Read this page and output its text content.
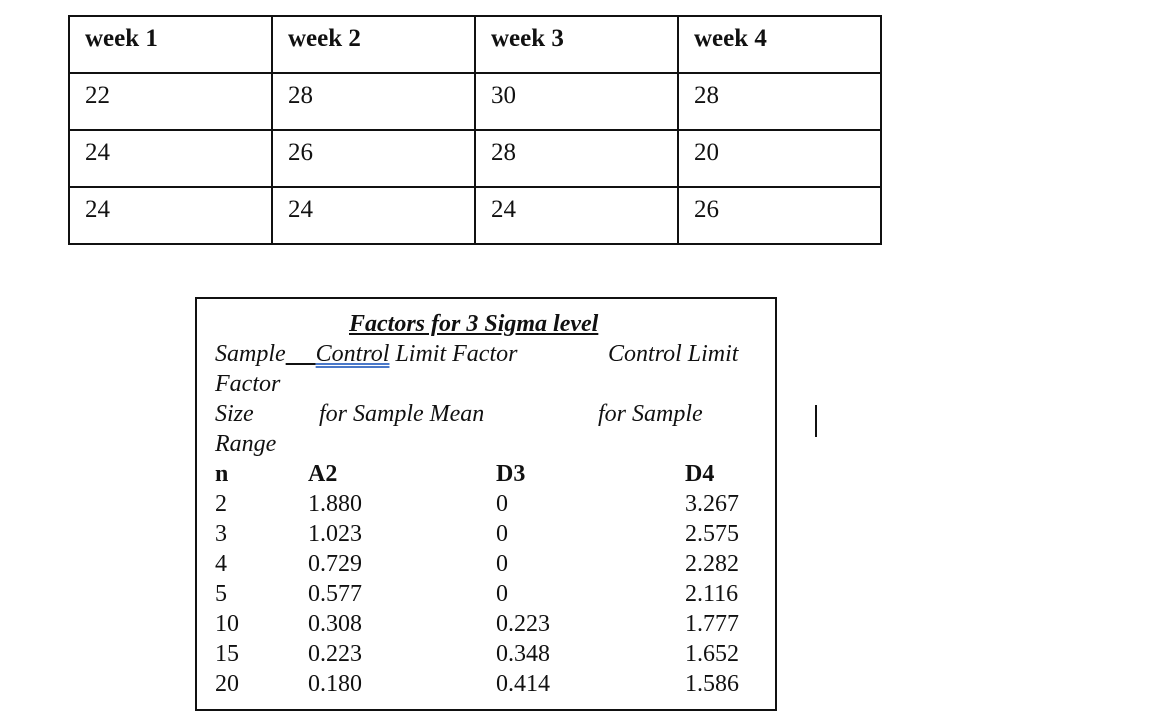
week 1	week 2	week 3	week 4
22	28	30	28
24	26	28	20
24	24	24	26
Factors for 3 Sigma level
Sample Control Limit Factor	Control Limit
Factor
Size	for Sample Mean	for Sample
Range
n	A2	D3	D4
2	1.880	0	3.267
3	1.023	0	2.575
4	0.729	0	2.282
5	0.577	0	2.116
10	0.308	0.223	1.777
15	0.223	0.348	1.652
20	0.180	0.414	1.586
